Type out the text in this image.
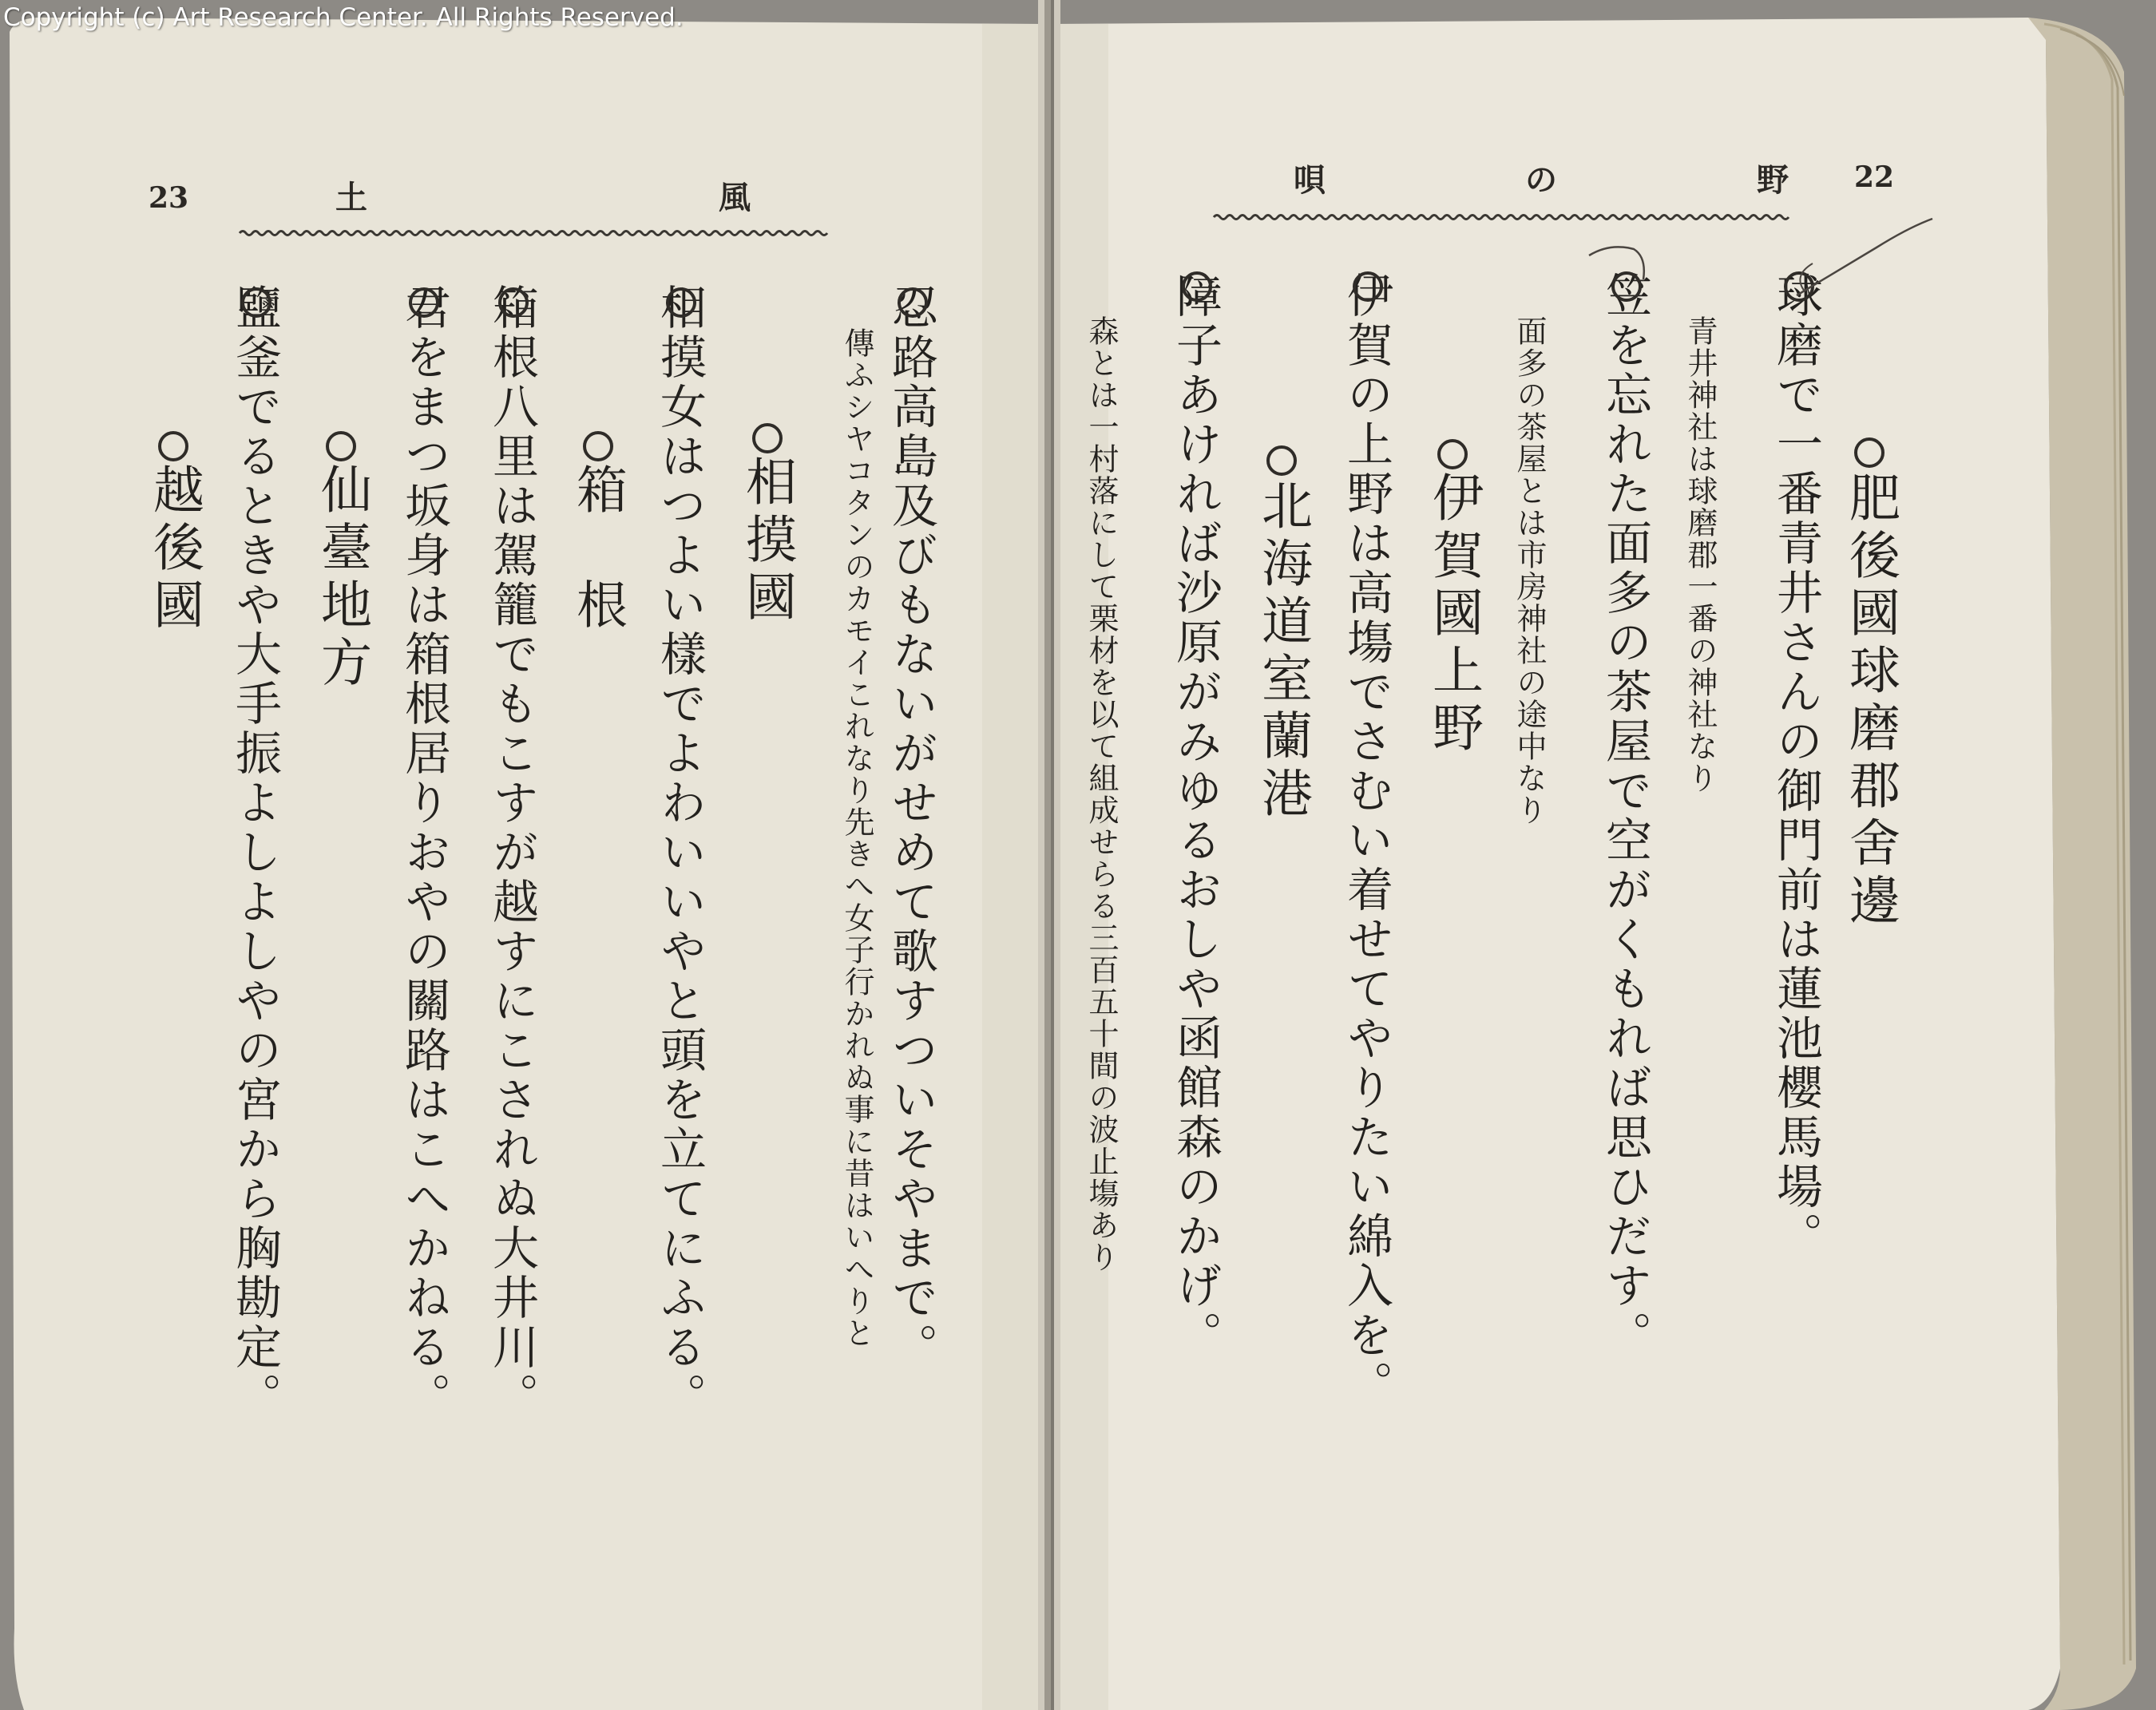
Copyright (c) Art Research Center. All Rights Reserved.
23	土	風
忍路高島及びもないがせめて歌すついそやまで。
傳ふシヤコタンのカモイこれなり先きへ女子行かれぬ事に昔はいへりと
相摸國
相摸女はつよい樣でよわいいやと頭を立てにふる。
箱　根
箱根八里は駕籠でもこすが越すにこされぬ大井川。
君をまつ坂身は箱根居りおやの關路はこへかねる。
仙臺地方
鹽釜でるときや大手振よしよしやの宮から胸勘定。
越後國
22
唄	の	野
肥後國球磨郡舍邊
球磨で一番青井さんの御門前は蓮池櫻馬場。
青井神社は球磨郡一番の神社なり
笠を忘れた面多の茶屋で空がくもれば思ひだす。
面多の茶屋とは市房神社の途中なり
伊賀國上野
伊賀の上野は高塲でさむい着せてやりたい綿入を。
北海道室蘭港
障子あければ沙原がみゆるおしや函館森のかげ。
森とは一村落にして栗材を以て組成せらる三百五十間の波止塲あり
